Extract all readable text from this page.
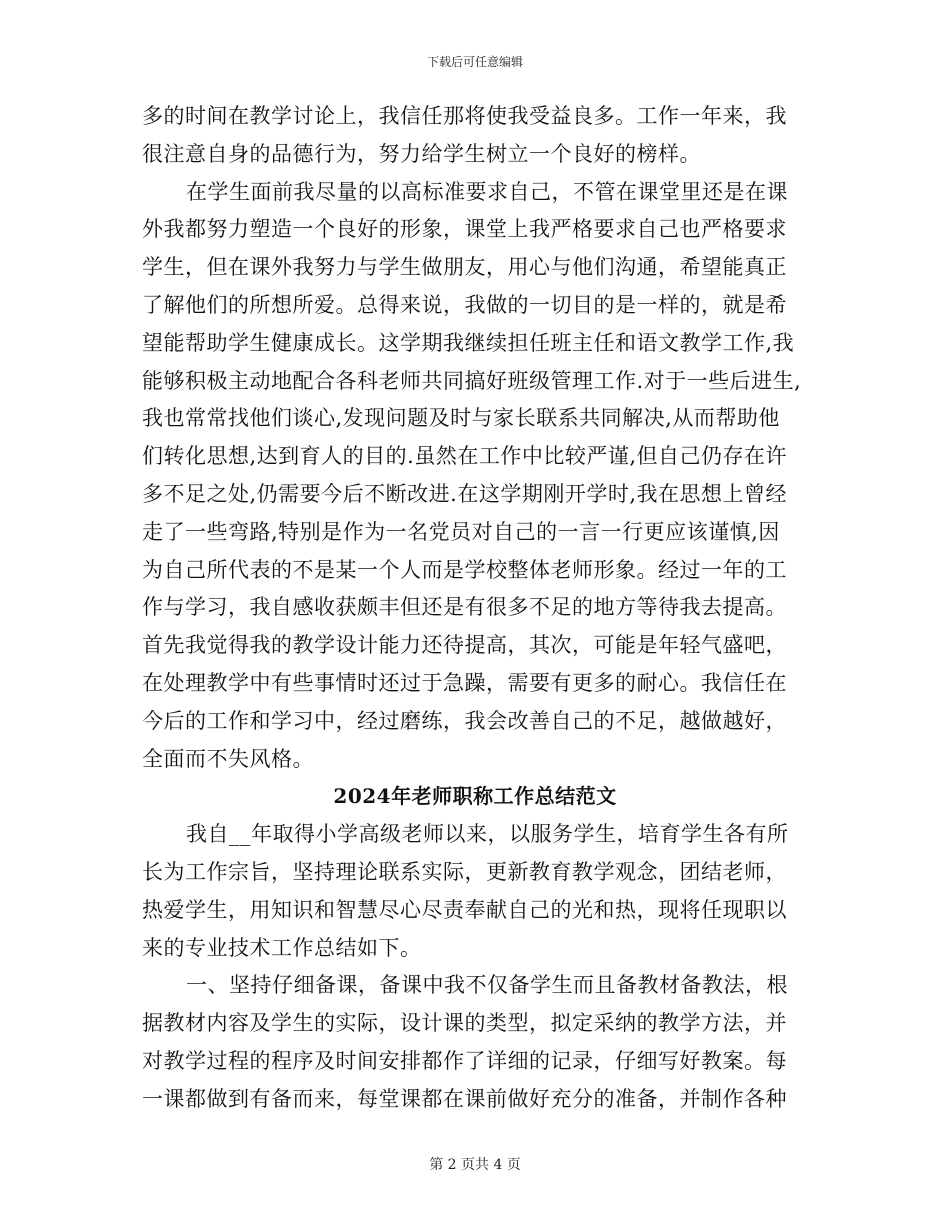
下载后可任意编辑

多的时间在教学讨论上，我信任那将使我受益良多。工作一年来，我
很注意自身的品德行为，努力给学生树立一个良好的榜样。

在学生面前我尽量的以高标准要求自己，不管在课堂里还是在课
外我都努力塑造一个良好的形象，课堂上我严格要求自己也严格要求
学生，但在课外我努力与学生做朋友，用心与他们沟通，希望能真正
了解他们的所想所爱。总得来说，我做的一切目的是一样的，就是希
望能帮助学生健康成长。这学期我继续担任班主任和语文教学工作,我
能够积极主动地配合各科老师共同搞好班级管理工作.对于一些后进生,
我也常常找他们谈心,发现问题及时与家长联系共同解决,从而帮助他
们转化思想,达到育人的目的.虽然在工作中比较严谨,但自己仍存在许
多不足之处,仍需要今后不断改进.在这学期刚开学时,我在思想上曾经
走了一些弯路,特别是作为一名党员对自己的一言一行更应该谨慎,因
为自己所代表的不是某一个人而是学校整体老师形象。经过一年的工
作与学习，我自感收获颇丰但还是有很多不足的地方等待我去提高。
首先我觉得我的教学设计能力还待提高，其次，可能是年轻气盛吧，
在处理教学中有些事情时还过于急躁，需要有更多的耐心。我信任在
今后的工作和学习中，经过磨练，我会改善自己的不足，越做越好，
全面而不失风格。

2024年老师职称工作总结范文

我自__年取得小学高级老师以来，以服务学生，培育学生各有所
长为工作宗旨，坚持理论联系实际，更新教育教学观念，团结老师，
热爱学生，用知识和智慧尽心尽责奉献自己的光和热，现将任现职以
来的专业技术工作总结如下。

一、坚持仔细备课，备课中我不仅备学生而且备教材备教法，根
据教材内容及学生的实际，设计课的类型，拟定采纳的教学方法，并
对教学过程的程序及时间安排都作了详细的记录，仔细写好教案。每
一课都做到有备而来，每堂课都在课前做好充分的准备，并制作各种

第 2 页共 4 页
